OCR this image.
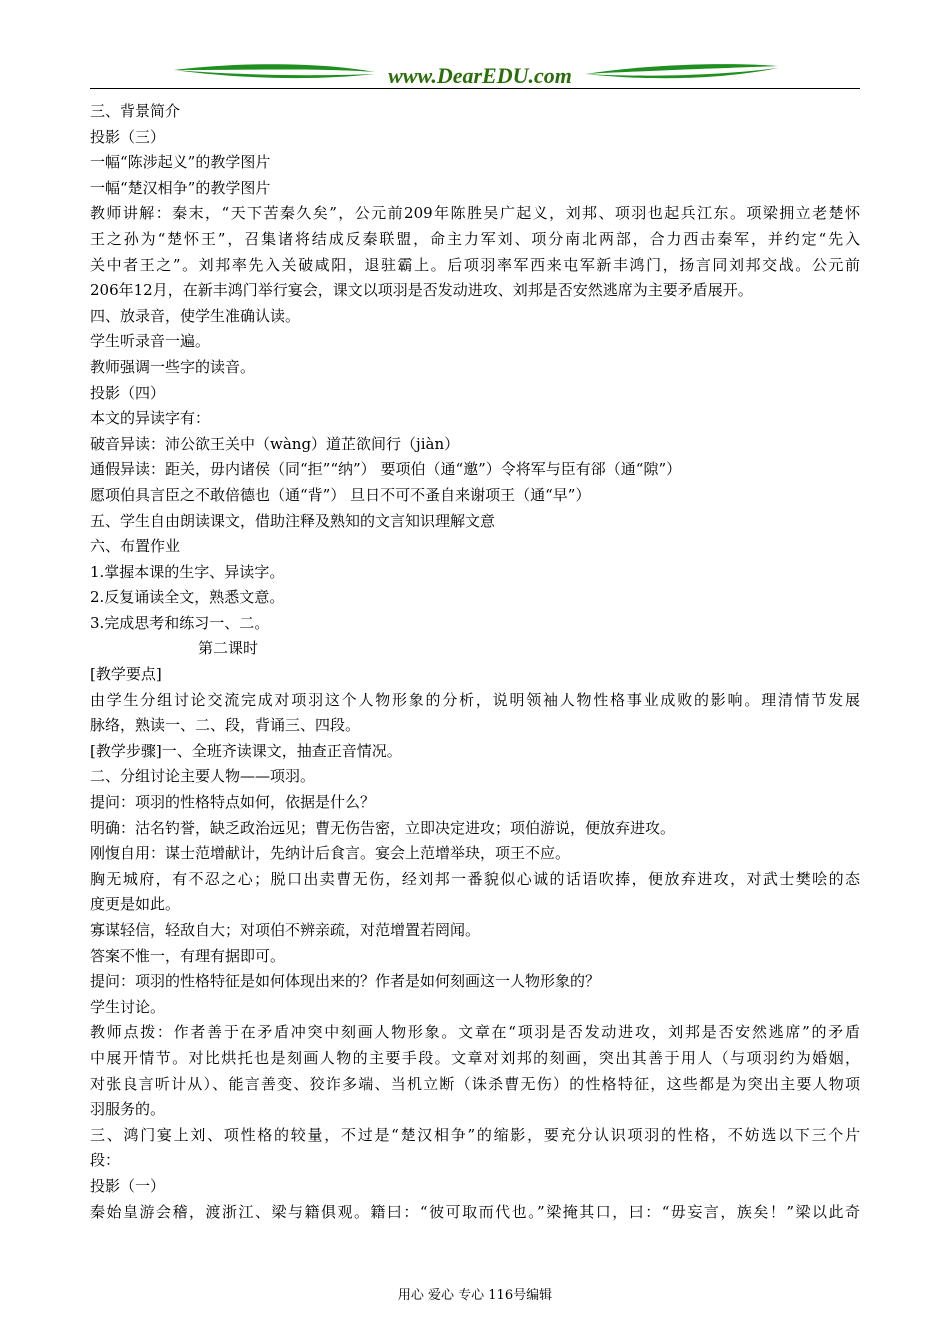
www.DearEDU.com
三、背景简介
投影（三）
一幅“陈涉起义”的教学图片
一幅“楚汉相争”的教学图片
教师讲解：秦末，“天下苦秦久矣”，公元前209年陈胜吴广起义，刘邦、项羽也起兵江东。项梁拥立老楚怀
王之孙为“楚怀王”，召集诸将结成反秦联盟，命主力军刘、项分南北两部，合力西击秦军，并约定“先入
关中者王之”。刘邦率先入关破咸阳，退驻霸上。后项羽率军西来屯军新丰鸿门，扬言同刘邦交战。公元前
206年12月，在新丰鸿门举行宴会，课文以项羽是否发动进攻、刘邦是否安然逃席为主要矛盾展开。
四、放录音，使学生准确认读。
学生听录音一遍。
教师强调一些字的读音。
投影（四）
本文的异读字有：
破音异读：沛公欲王关中（wàng）道芷欲间行（jiàn）
通假异读：距关，毋内诸侯（同“拒”“纳”） 要项伯（通“邀”）令将军与臣有郤（通“隙”）
愿项伯具言臣之不敢倍德也（通“背”） 旦日不可不蚤自来谢项王（通“早”）
五、学生自由朗读课文，借助注释及熟知的文言知识理解文意
六、布置作业
1.掌握本课的生字、异读字。
2.反复诵读全文，熟悉文意。
3.完成思考和练习一、二。
第二课时
[教学要点]
由学生分组讨论交流完成对项羽这个人物形象的分析，说明领袖人物性格事业成败的影响。理清情节发展
脉络，熟读一、二、段，背诵三、四段。
[教学步骤]一、全班齐读课文，抽查正音情况。
二、分组讨论主要人物——项羽。
提问：项羽的性格特点如何，依据是什么？
明确：沽名钓誉，缺乏政治远见；曹无伤告密，立即决定进攻；项伯游说，便放弃进攻。
刚愎自用：谋士范增献计，先纳计后食言。宴会上范增举玦，项王不应。
胸无城府，有不忍之心；脱口出卖曹无伤，经刘邦一番貌似心诚的话语吹捧，便放弃进攻，对武士樊哙的态
度更是如此。
寡谋轻信，轻敌自大；对项伯不辨亲疏，对范增置若罔闻。
答案不惟一，有理有据即可。
提问：项羽的性格特征是如何体现出来的？作者是如何刻画这一人物形象的？
学生讨论。
教师点拨：作者善于在矛盾冲突中刻画人物形象。文章在“项羽是否发动进攻，刘邦是否安然逃席”的矛盾
中展开情节。对比烘托也是刻画人物的主要手段。文章对刘邦的刻画，突出其善于用人（与项羽约为婚姻，
对张良言听计从）、能言善变、狡诈多端、当机立断（诛杀曹无伤）的性格特征，这些都是为突出主要人物项
羽服务的。
三、鸿门宴上刘、项性格的较量，不过是“楚汉相争”的缩影，要充分认识项羽的性格，不妨选以下三个片
段：
投影（一）
秦始皇游会稽，渡浙江、梁与籍俱观。籍曰：“彼可取而代也。”梁掩其口，曰：“毋妄言，族矣！”梁以此奇
用心 爱心 专心 116号编辑
